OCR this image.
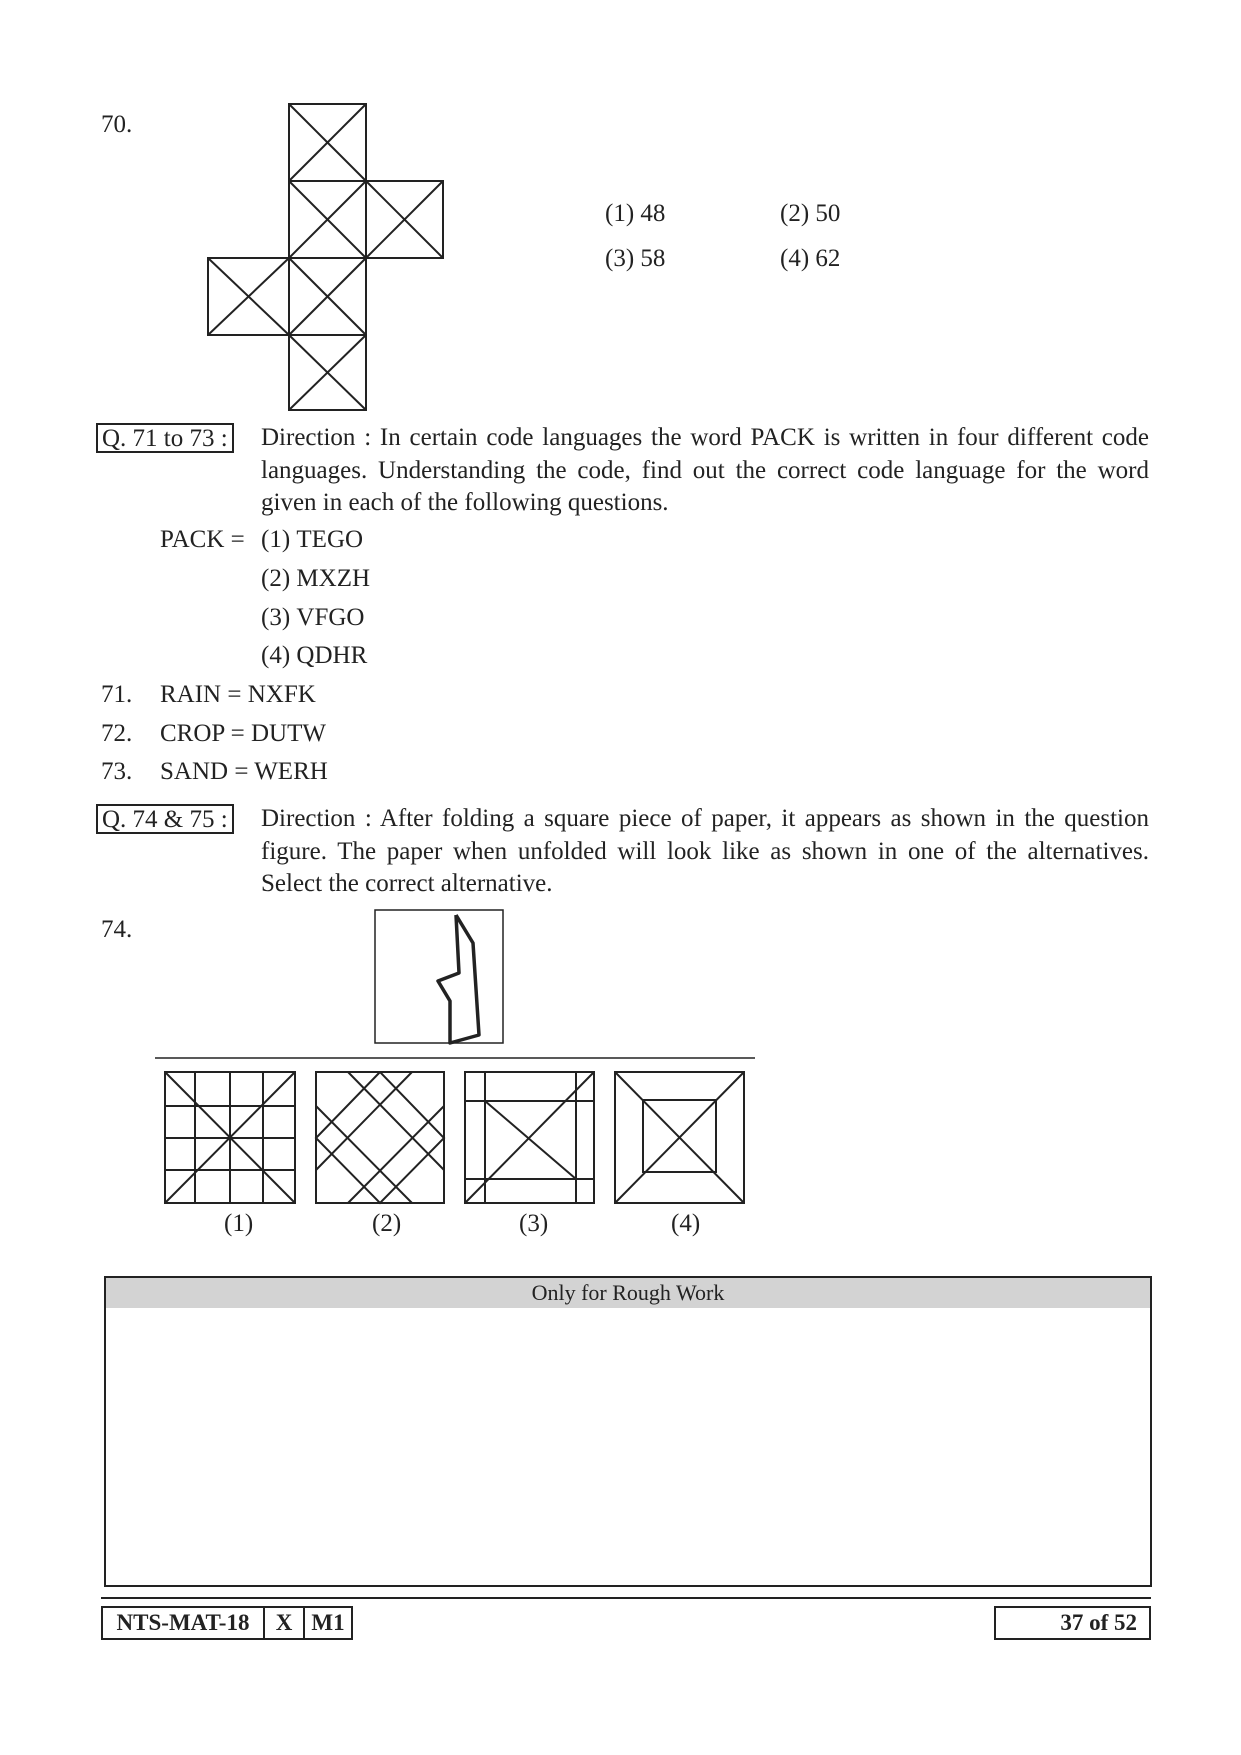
70.
(1) 48	(2) 50
(3) 58	(4) 62
Q. 71 to 73 : Direction : In certain code languages the word PACK is written in four different code languages. Understanding the code, find out the correct code language for the word given in each of the following questions.
PACK = (1) TEGO
(2) MXZH
(3) VFGO
(4) QDHR
71. RAIN = NXFK
72. CROP = DUTW
73. SAND = WERH
Q. 74 & 75 : Direction : After folding a square piece of paper, it appears as shown in the question figure. The paper when unfolded will look like as shown in one of the alternatives. Select the correct alternative.
74.
(1)	(2)	(3)	(4)
Only for Rough Work
NTS-MAT-18	X M1	37 of 52
